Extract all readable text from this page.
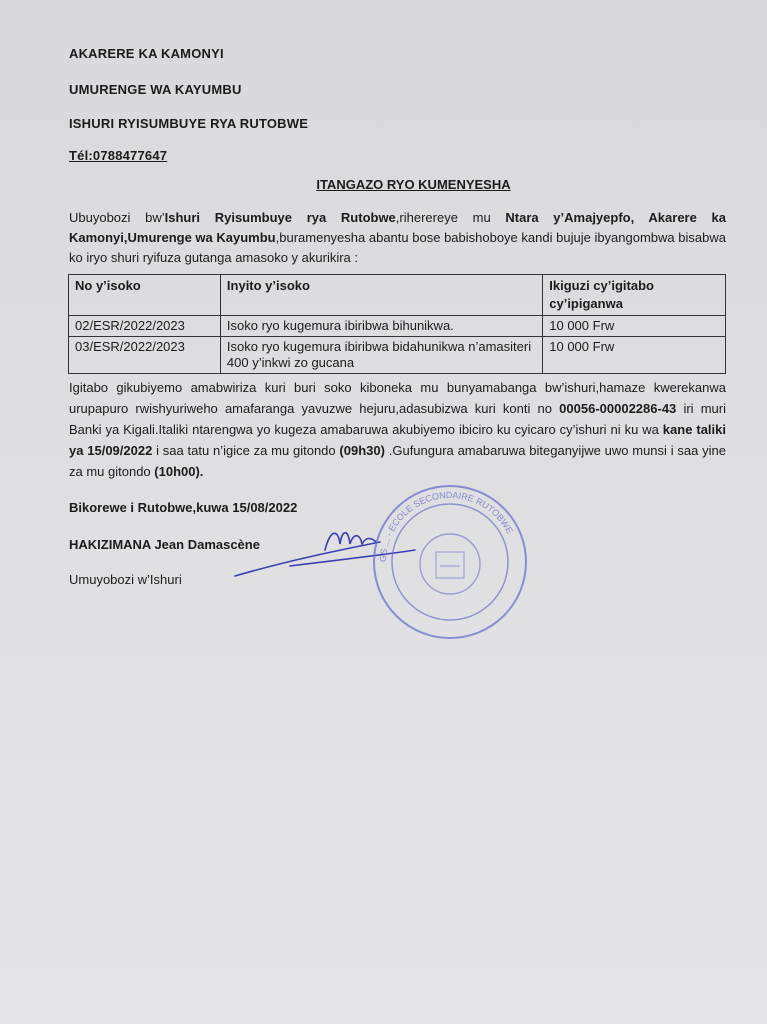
AKARERE KA KAMONYI
UMURENGE WA KAYUMBU
ISHURI RYISUMBUYE RYA RUTOBWE
Tél:0788477647
ITANGAZO RYO KUMENYESHA
Ubuyobozi bw’Ishuri Ryisumbuye rya Rutobwe,riherereye mu Ntara y’Amajyepfo, Akarere ka Kamonyi,Umurenge wa Kayumbu,buramenyesha abantu bose babishoboye kandi bujuje ibyangombwa bisabwa ko iryo shuri ryifuza gutanga amasoko y akurikira :
No y’isoko	Inyito y’isoko	Ikiguzi cy’igitabo cy’ipiganwa
02/ESR/2022/2023	Isoko ryo kugemura ibiribwa bihunikwa.	10 000 Frw
03/ESR/2022/2023	Isoko ryo kugemura ibiribwa bidahunikwa n’amasiteri 400 y’inkwi zo gucana	10 000 Frw
Igitabo gikubiyemo amabwiriza kuri buri soko kiboneka mu bunyamabanga bw’ishuri,hamaze kwerekanwa urupapuro rwishyuriweho amafaranga yavuzwe hejuru,adasubizwa kuri konti no 00056-00002286-43 iri muri Banki ya Kigali.Italiki ntarengwa yo kugeza amabaruwa akubiyemo ibiciro ku cyicaro cy’ishuri ni ku wa kane taliki ya 15/09/2022 i saa tatu n’igice za mu gitondo (09h30) .Gufungura amabaruwa biteganyijwe uwo munsi i saa yine za mu gitondo (10h00).
Bikorewe i Rutobwe,kuwa 15/08/2022
HAKIZIMANA Jean Damascène
Umuyobozi w’Ishuri
GS ... - ECOLE SECONDAIRE RUTOBWE
